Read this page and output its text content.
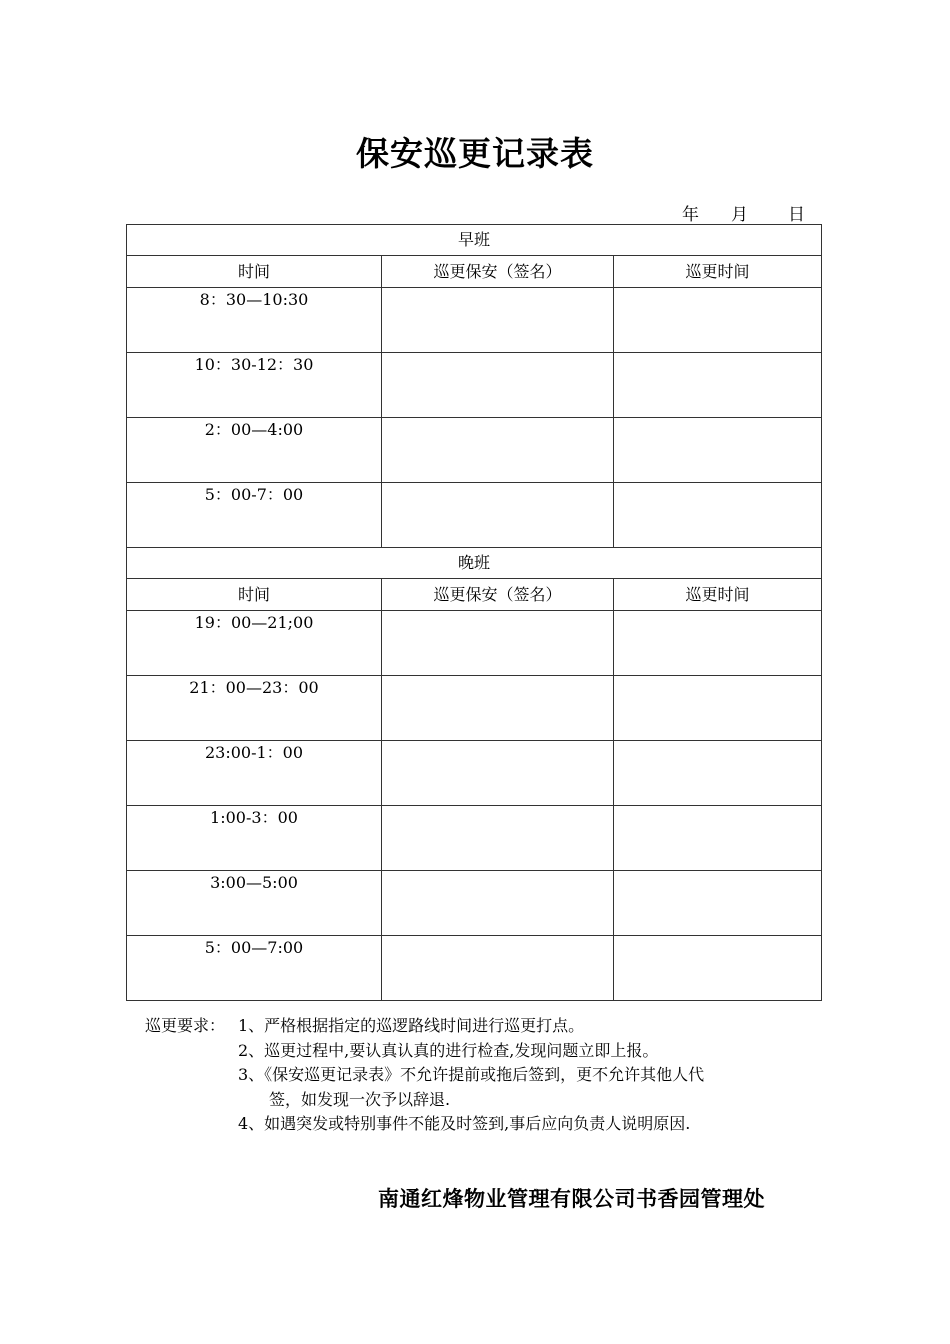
保安巡更记录表
年 月 日
早班		
时间	巡更保安（签名）	巡更时间
8：30—10:30		
10：30-12：30		
2：00—4:00		
5：00-7：00		
晚班		
时间	巡更保安（签名）	巡更时间
19：00—21;00		
21：00—23：00		
23:00-1：00		
1:00-3：00		
3:00—5:00		
5：00—7:00		
巡更要求： 1、严格根据指定的巡逻路线时间进行巡更打点。
2、巡更过程中,要认真认真的进行检查,发现问题立即上报。
3、《保安巡更记录表》不允许提前或拖后签到，更不允许其他人代
签，如发现一次予以辞退.
4、如遇突发或特别事件不能及时签到,事后应向负责人说明原因.
南通红烽物业管理有限公司书香园管理处
